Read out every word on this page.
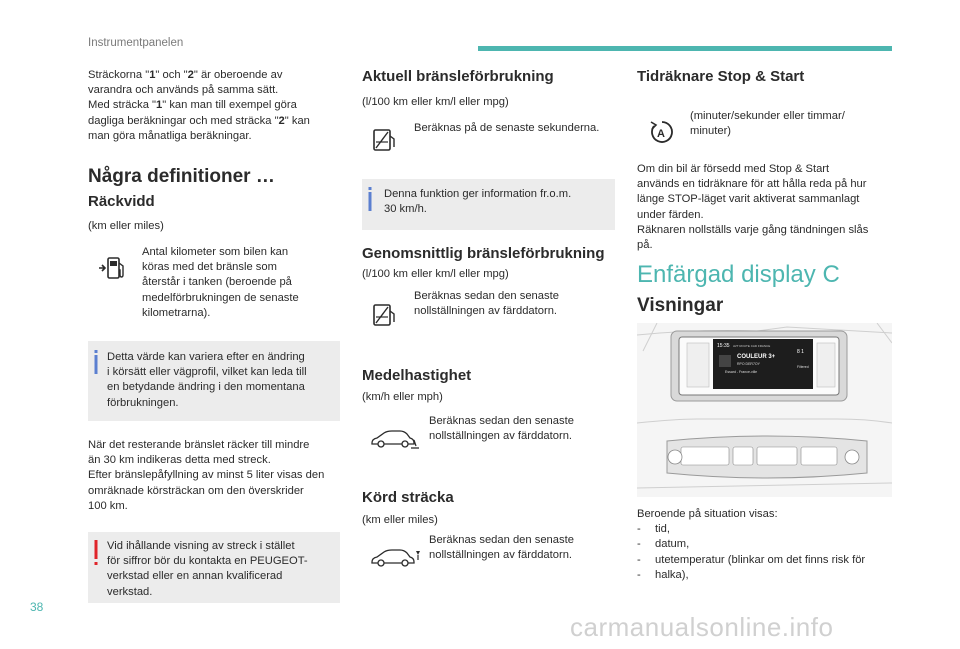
Instrumentpanelen
Sträckorna "1" och "2" är oberoende av
varandra och används på samma sätt.
Med sträcka "1" kan man till exempel göra
dagliga beräkningar och med sträcka "2" kan
man göra månatliga beräkningar.
Några definitioner …
Räckvidd
(km eller miles)
Antal kilometer som bilen kan
köras med det bränsle som
återstår i tanken (beroende på
medelförbrukningen de senaste
kilometrarna).
Detta värde kan variera efter en ändring
i körsätt eller vägprofil, vilket kan leda till
en betydande ändring i den momentana
förbrukningen.
När det resterande bränslet räcker till mindre
än 30 km indikeras detta med streck.
Efter bränslepåfyllning av minst 5 liter visas den
omräknade körsträckan om den överskrider
100 km.
Vid ihållande visning av streck i stället
för siffror bör du kontakta en PEUGEOT-
verkstad eller en annan kvalificerad
verkstad.
Aktuell bränsleförbrukning
(l/100 km eller km/l eller mpg)
Beräknas på de senaste sekunderna.
Denna funktion ger information fr.o.m.
30 km/h.
Genomsnittlig bränsleförbrukning
(l/100 km eller km/l eller mpg)
Beräknas sedan den senaste
nollställningen av färddatorn.
Medelhastighet
(km/h eller mph)
Beräknas sedan den senaste
nollställningen av färddatorn.
Körd sträcka
(km eller miles)
Beräknas sedan den senaste
nollställningen av färddatorn.
Tidräknare Stop & Start
A
(minuter/sekunder eller timmar/
minuter)
Om din bil är försedd med Stop & Start
används en tidräknare för att hålla reda på hur
länge STOP-läget varit aktiverat sammanlagt
under färden.
Räknaren nollställs varje gång tändningen slås
på.
Enfärgad display C
Visningar
15:35 AVT ROUTE CAD FRANCE
COULEUR 3+
RPO DER7OY
Essard - France-ville
8 1
Filtered
Beroende på situation visas:
- tid,
- datum,
- utetemperatur (blinkar om det finns risk för
- halka),
38
carmanualsonline.info
